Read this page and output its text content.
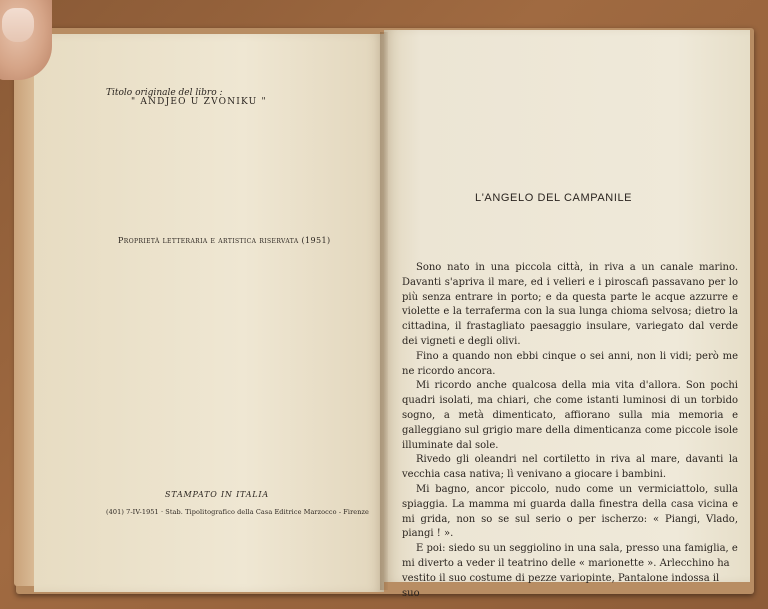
Titolo originale del libro :
" ANDJEO U ZVONIKU "
Proprietà letteraria e artistica riservata (1951)
STAMPATO IN ITALIA
(401) 7-IV-1951 · Stab. Tipolitografico della Casa Editrice Marzocco - Firenze
L'ANGELO DEL CAMPANILE

Sono nato in una piccola città, in riva a un canale marino. Davanti s'apriva il mare, ed i velieri e i piroscafi passavano per lo più senza entrare in porto; e da questa parte le acque azzurre e violette e la terraferma con la sua lunga chioma selvosa; dietro la cittadina, il frastagliato paesaggio insulare, variegato dal verde dei vigneti e degli olivi.

Fino a quando non ebbi cinque o sei anni, non li vidi; però me ne ricordo ancora.

Mi ricordo anche qualcosa della mia vita d'allora. Son pochi quadri isolati, ma chiari, che come istanti luminosi di un torbido sogno, a metà dimenticato, affiorano sulla mia memoria e galleggiano sul grigio mare della dimenticanza come piccole isole illuminate dal sole.

Rivedo gli oleandri nel cortiletto in riva al mare, davanti la vecchia casa nativa; lì venivano a giocare i bambini.

Mi bagno, ancor piccolo, nudo come un vermiciattolo, sulla spiaggia. La mamma mi guarda dalla finestra della casa vicina e mi grida, non so se sul serio o per ischerzo: « Piangi, Vlado, piangi ! ».

E poi: siedo su un seggiolino in una sala, presso una famiglia, e mi diverto a veder il teatrino delle « marionette ». Arlecchino ha vestito il suo costume di pezze variopinte, Pantalone indossa il suo
